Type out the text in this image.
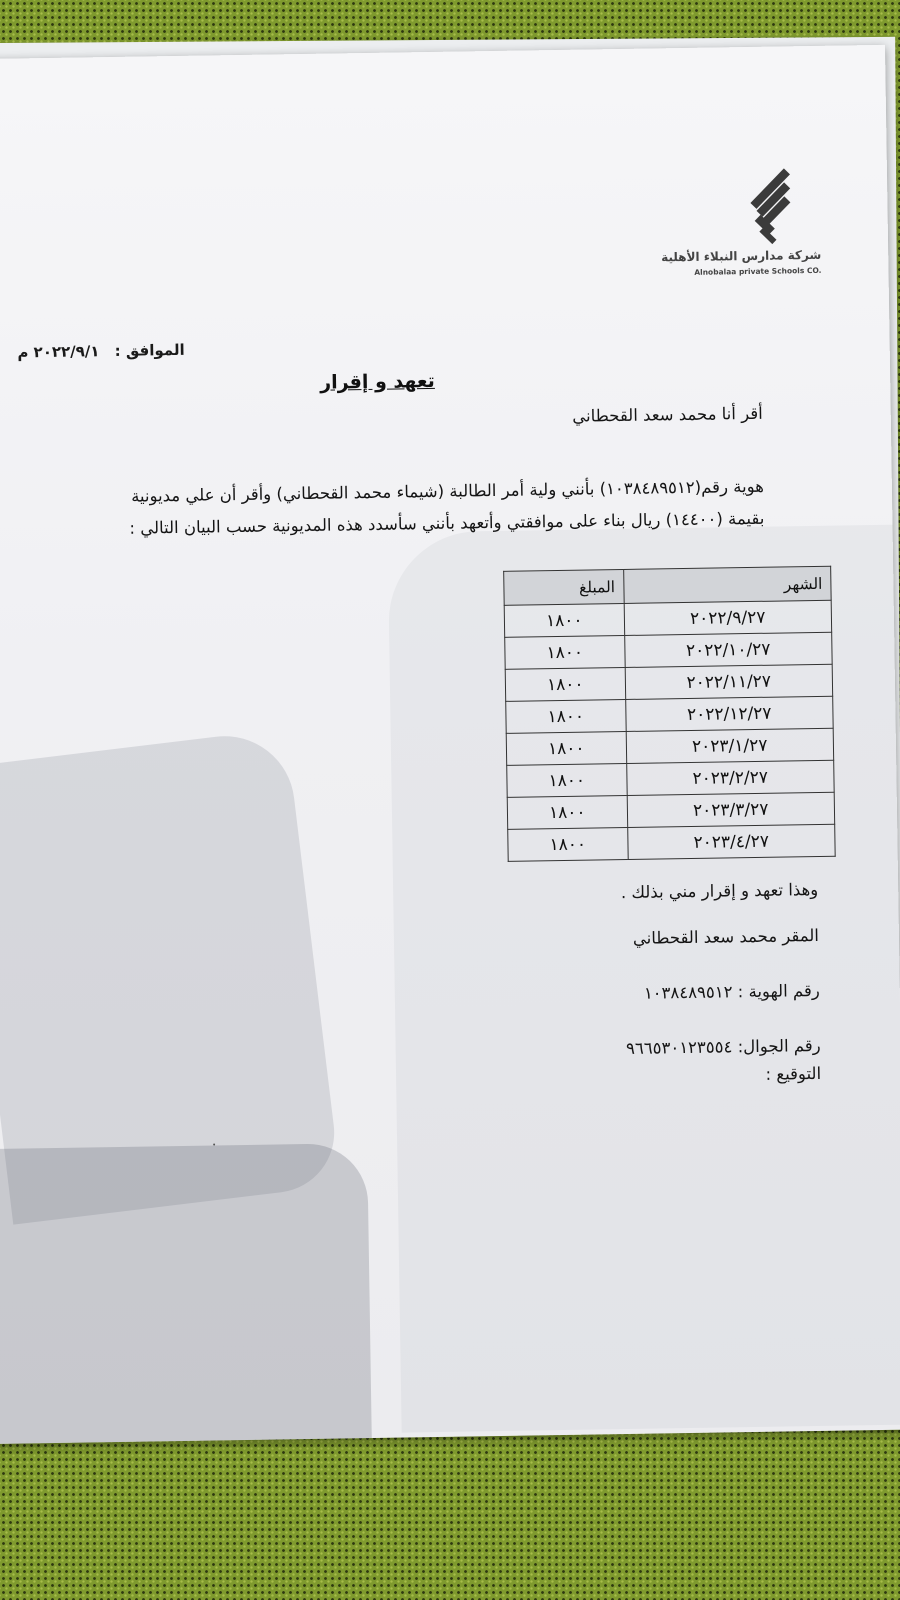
شركة مدارس النبلاء الأهلية
Alnobalaa private Schools CO.
الموافق : ٢٠٢٢/٩/١ م
تعهد و إقرار
أقر أنا محمد سعد القحطاني
هوية رقم(١٠٣٨٤٨٩٥١٢) بأنني ولية أمر الطالبة (شيماء محمد القحطاني) وأقر أن علي مديونية
بقيمة (١٤٤٠٠) ريال بناء على موافقتي وأتعهد بأنني سأسدد هذه المديونية حسب البيان التالي :
الشهر	المبلغ
٢٠٢٢/٩/٢٧	١٨٠٠
٢٠٢٢/١٠/٢٧	١٨٠٠
٢٠٢٢/١١/٢٧	١٨٠٠
٢٠٢٢/١٢/٢٧	١٨٠٠
٢٠٢٣/١/٢٧	١٨٠٠
٢٠٢٣/٢/٢٧	١٨٠٠
٢٠٢٣/٣/٢٧	١٨٠٠
٢٠٢٣/٤/٢٧	١٨٠٠
وهذا تعهد و إقرار مني بذلك .
المقر محمد سعد القحطاني
رقم الهوية : ١٠٣٨٤٨٩٥١٢
رقم الجوال: ٩٦٦٥٣٠١٢٣٥٥٤
التوقيع :
